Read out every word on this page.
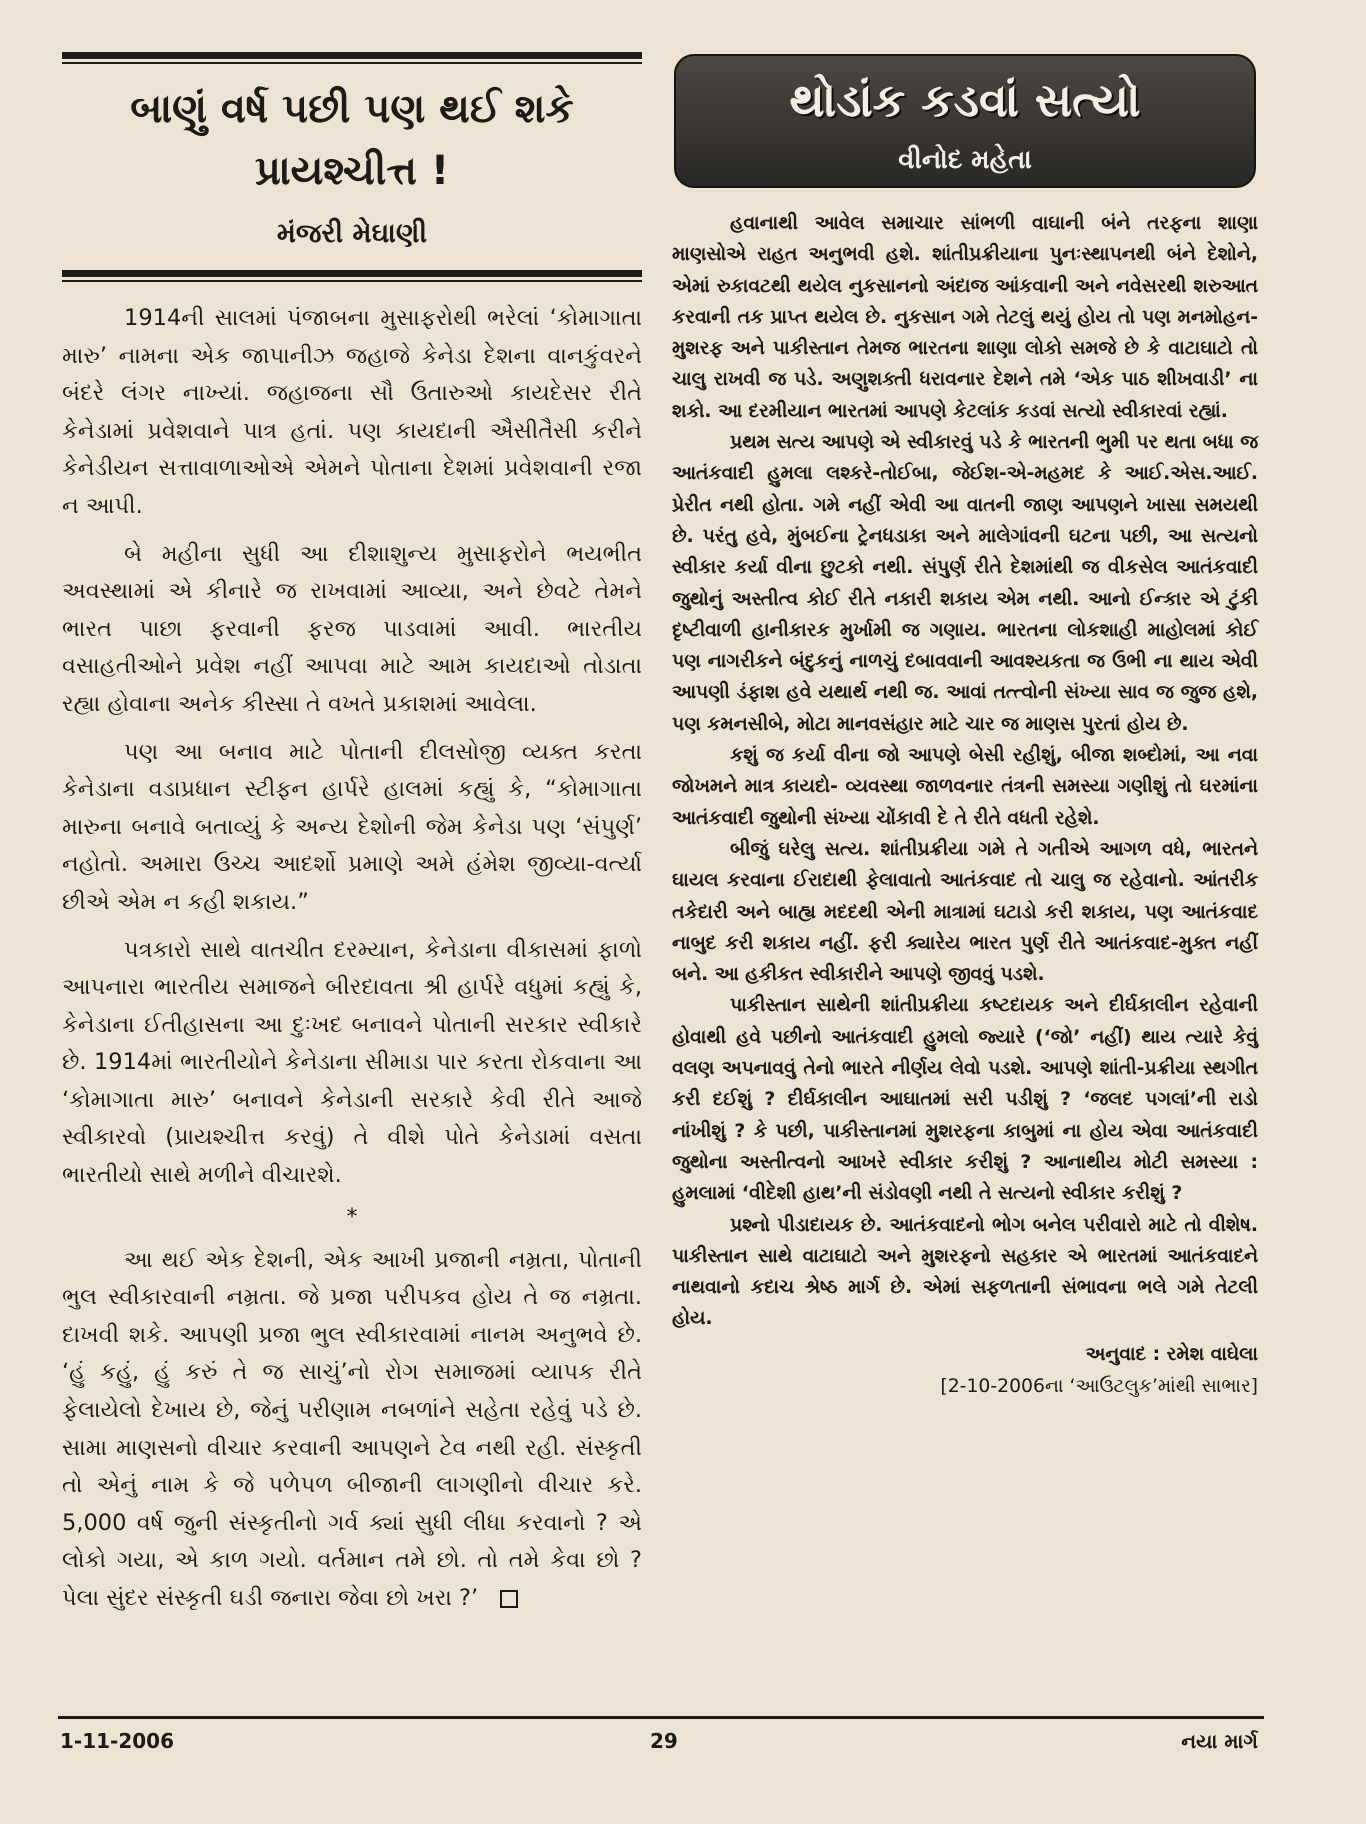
બાણું વર્ષ પછી પણ થઈ શકે
પ્રાયશ્ચીત્ત !
મંજરી મેઘાણી

1914ની સાલમાં પંજાબના મુસાફરોથી ભરેલાં ‘કોમાગાતા મારુ’ નામના એક જાપાનીઝ જહાજે કેનેડા દેશના વાનકુંવરને બંદરે લંગર નાખ્યાં. જહાજના સૌ ઉતારુઓ કાયદેસર રીતે કેનેડામાં પ્રવેશવાને પાત્ર હતાં. પણ કાયદાની ઐસીતૈસી કરીને કેનેડીયન સત્તાવાળાઓએ એમને પોતાના દેશમાં પ્રવેશવાની રજા ન આપી.

બે મહીના સુધી આ દીશાશુન્ય મુસાફરોને ભયભીત અવસ્થામાં એ કીનારે જ રાખવામાં આવ્યા, અને છેવટે તેમને ભારત પાછા ફરવાની ફરજ પાડવામાં આવી. ભારતીય વસાહતીઓને પ્રવેશ નહીં આપવા માટે આમ કાયદાઓ તોડાતા રહ્યા હોવાના અનેક કીસ્સા તે વખતે પ્રકાશમાં આવેલા.

પણ આ બનાવ માટે પોતાની દીલસોજી વ્યક્ત કરતા કેનેડાના વડાપ્રધાન સ્ટીફન હાર્પરે હાલમાં કહ્યું કે, “કોમાગાતા મારુના બનાવે બતાવ્યું કે અન્ય દેશોની જેમ કેનેડા પણ ‘સંપુર્ણ’ નહોતો. અમારા ઉચ્ચ આદર્શો પ્રમાણે અમે હંમેશ જીવ્યા-વર્ત્યા છીએ એમ ન કહી શકાય.”

પત્રકારો સાથે વાતચીત દરમ્યાન, કેનેડાના વીકાસમાં ફાળો આપનારા ભારતીય સમાજને બીરદાવતા શ્રી હાર્પરે વધુમાં કહ્યું કે, કેનેડાના ઈતીહાસના આ દુઃખદ બનાવને પોતાની સરકાર સ્વીકારે છે. 1914માં ભારતીયોને કેનેડાના સીમાડા પાર કરતા રોકવાના આ ‘કોમાગાતા મારુ’ બનાવને કેનેડાની સરકારે કેવી રીતે આજે સ્વીકારવો (પ્રાયશ્ચીત્ત કરવું) તે વીશે પોતે કેનેડામાં વસતા ભારતીયો સાથે મળીને વીચારશે.

*

આ થઈ એક દેશની, એક આખી પ્રજાની નમ્રતા, પોતાની ભુલ સ્વીકારવાની નમ્રતા. જે પ્રજા પરીપકવ હોય તે જ નમ્રતા. દાખવી શકે. આપણી પ્રજા ભુલ સ્વીકારવામાં નાનમ અનુભવે છે. ‘હું કહું, હું કરું તે જ સાચું’નો રોગ સમાજમાં વ્યાપક રીતે ફેલાયેલો દેખાય છે, જેનું પરીણામ નબળાંને સહેતા રહેવું પડે છે. સામા માણસનો વીચાર કરવાની આપણને ટેવ નથી રહી. સંસ્કૃતી તો એનું નામ કે જે પળેપળ બીજાની લાગણીનો વીચાર કરે. 5,000 વર્ષ જુની સંસ્કૃતીનો ગર્વ ક્યાં સુધી લીધા કરવાનો ? એ લોકો ગયા, એ કાળ ગયો. વર્તમાન તમે છો. તો તમે કેવા છો ? પેલા સુંદર સંસ્કૃતી ઘડી જનારા જેવા છો ખરા ?’

થોડાંક કડવાં સત્યો
વીનોદ મહેતા

હવાનાથી આવેલ સમાચાર સાંભળી વાઘાની બંને તરફના શાણા માણસોએ રાહત અનુભવી હશે. શાંતીપ્રક્રીયાના પુનઃસ્થાપનથી બંને દેશોને, એમાં રુકાવટથી થયેલ નુકસાનનો અંદાજ આંકવાની અને નવેસરથી શરુઆત કરવાની તક પ્રાપ્ત થયેલ છે. નુકસાન ગમે તેટલું થયું હોય તો પણ મનમોહન-મુશરફ અને પાકીસ્તાન તેમજ ભારતના શાણા લોકો સમજે છે કે વાટાઘાટો તો ચાલુ રાખવી જ પડે. અણુશક્તી ધરાવનાર દેશને તમે ‘એક પાઠ શીખવાડી’ ના શકો. આ દરમીયાન ભારતમાં આપણે કેટલાંક કડવાં સત્યો સ્વીકારવાં રહ્યાં.

પ્રથમ સત્ય આપણે એ સ્વીકારવું પડે કે ભારતની ભુમી પર થતા બધા જ આતંકવાદી હુમલા લશ્કરે-તોઈબા, જેઈશ-એ-મહમદ કે આઈ.એસ.આઈ. પ્રેરીત નથી હોતા. ગમે નહીં એવી આ વાતની જાણ આપણને ખાસા સમયથી છે. પરંતુ હવે, મુંબઈના ટ્રેનધડાકા અને માલેગાંવની ઘટના પછી, આ સત્યનો સ્વીકાર કર્યા વીના છુટકો નથી. સંપુર્ણ રીતે દેશમાંથી જ વીકસેલ આતંકવાદી જુથોનું અસ્તીત્વ કોઈ રીતે નકારી શકાય એમ નથી. આનો ઈન્કાર એ ટુંકી દૃષ્ટીવાળી હાનીકારક મુર્ખામી જ ગણાય. ભારતના લોકશાહી માહોલમાં કોઈ પણ નાગરીકને બંદુકનું નાળચું દબાવવાની આવશ્યકતા જ ઉભી ના થાય એવી આપણી ડંફાશ હવે યથાર્થ નથી જ. આવાં તત્ત્વોની સંખ્યા સાવ જ જુજ હશે, પણ કમનસીબે, મોટા માનવસંહાર માટે ચાર જ માણસ પુરતાં હોય છે.

કશું જ કર્યા વીના જો આપણે બેસી રહીશું, બીજા શબ્દોમાં, આ નવા જોખમને માત્ર કાયદો- વ્યવસ્થા જાળવનાર તંત્રની સમસ્યા ગણીશું તો ઘરમાંના આતંકવાદી જુથોની સંખ્યા ચોંકાવી દે તે રીતે વધતી રહેશે.

બીજું ઘરેલુ સત્ય. શાંતીપ્રક્રીયા ગમે તે ગતીએ આગળ વધે, ભારતને ઘાયલ કરવાના ઈરાદાથી ફેલાવાતો આતંકવાદ તો ચાલુ જ રહેવાનો. આંતરીક તકેદારી અને બાહ્ય મદદથી એની માત્રામાં ઘટાડો કરી શકાય, પણ આતંકવાદ નાબુદ કરી શકાય નહીં. ફરી ક્યારેય ભારત પુર્ણ રીતે આતંકવાદ-મુક્ત નહીં બને. આ હકીકત સ્વીકારીને આપણે જીવવું પડશે.

પાકીસ્તાન સાથેની શાંતીપ્રક્રીયા કષ્ટદાયક અને દીર્ઘકાલીન રહેવાની હોવાથી હવે પછીનો આતંકવાદી હુમલો જ્યારે (‘જો’ નહીં) થાય ત્યારે કેવું વલણ અપનાવવું તેનો ભારતે નીર્ણય લેવો પડશે. આપણે શાંતી-પ્રક્રીયા સ્થગીત કરી દઈશું ? દીર્ઘકાલીન આઘાતમાં સરી પડીશું ? ‘જલદ પગલાં’ની રાડો નાંખીશું ? કે પછી, પાકીસ્તાનમાં મુશરફના કાબુમાં ના હોય એવા આતંકવાદી જુથોના અસ્તીત્વનો આખરે સ્વીકાર કરીશું ? આનાથીય મોટી સમસ્યા : હુમલામાં ‘વીદેશી હાથ’ની સંડોવણી નથી તે સત્યનો સ્વીકાર કરીશું ?

પ્રશ્નો પીડાદાયક છે. આતંકવાદનો ભોગ બનેલ પરીવારો માટે તો વીશેષ. પાકીસ્તાન સાથે વાટાઘાટો અને મુશરફનો સહકાર એ ભારતમાં આતંકવાદને નાથવાનો કદાચ શ્રેષ્ઠ માર્ગ છે. એમાં સફળતાની સંભાવના ભલે ગમે તેટલી હોય.

અનુવાદ : રમેશ વાઘેલા
[2-10-2006ના ‘આઉટલુક’માંથી સાભાર]
1-11-2006	29	નયા માર્ગ
